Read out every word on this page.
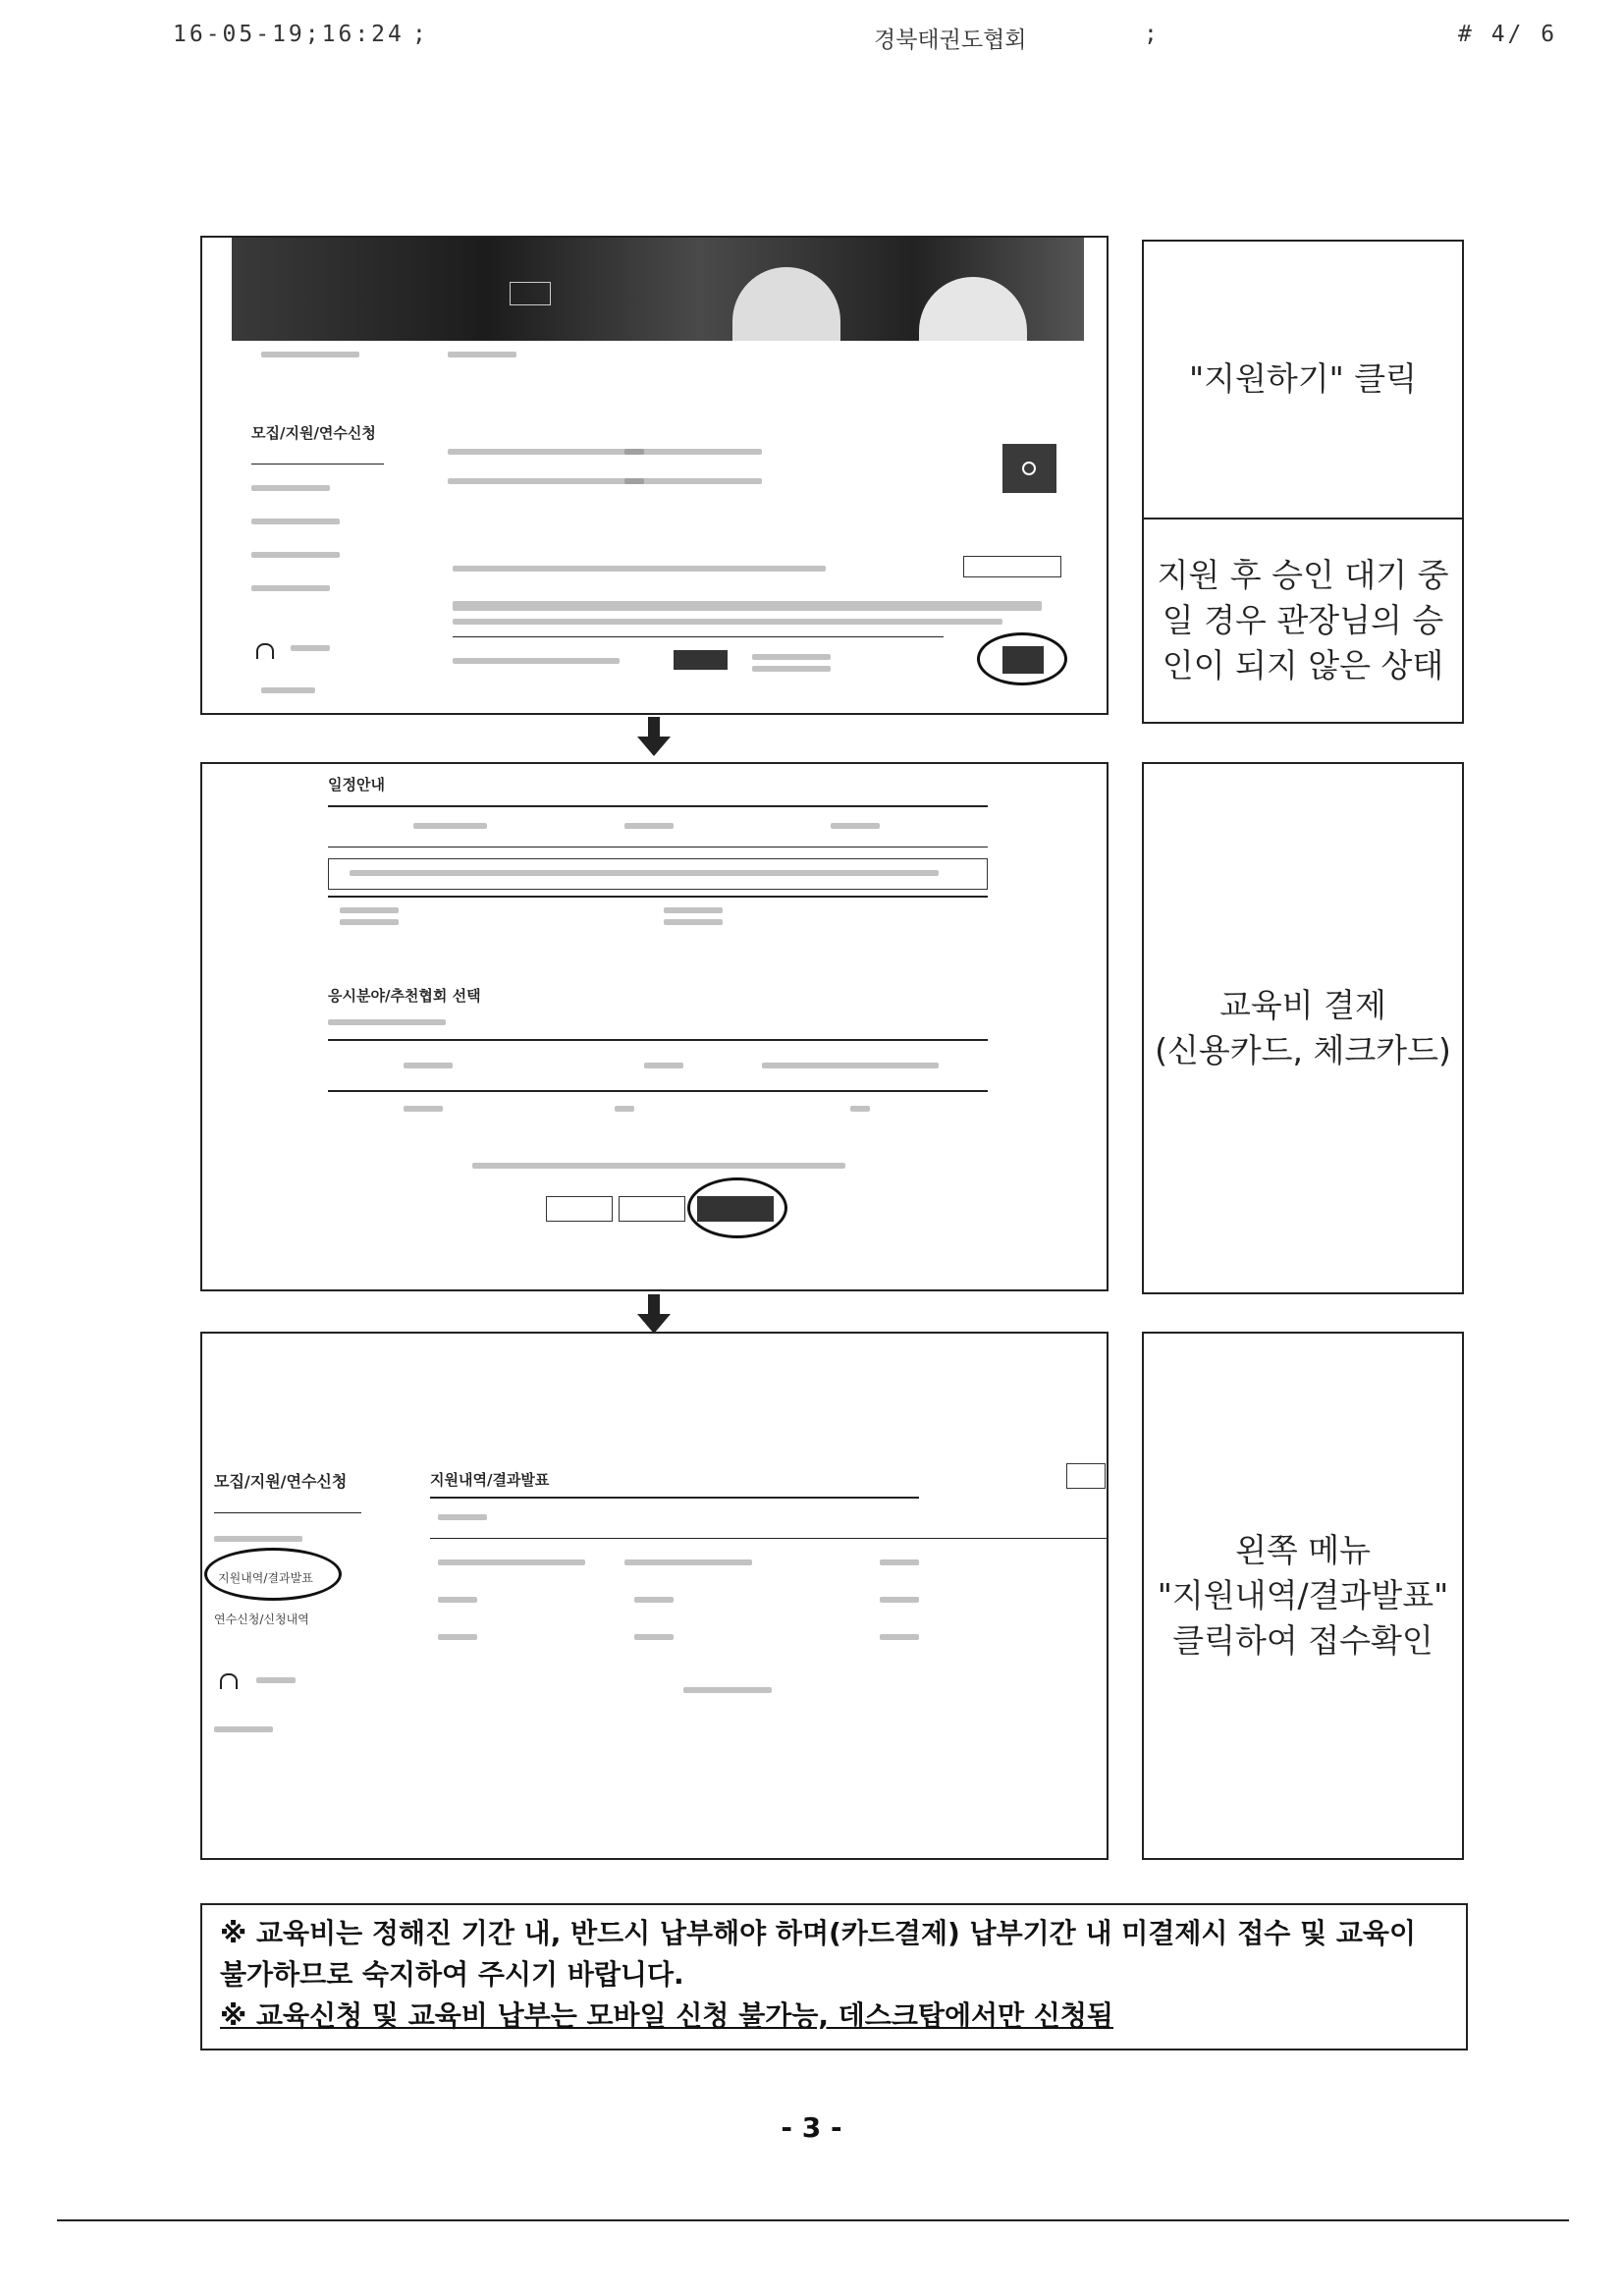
16-05-19;16:24 ;	경북태권도협회	;	# 4/ 6
모집/지원/연수신청
"지원하기" 클릭
지원 후 승인 대기 중일 경우 관장님의 승인이 되지 않은 상태
일정안내
응시분야/추천협회 선택	교육비 결제
(신용카드, 체크카드)
모집/지원/연수신청
지원내역/결과발표
연수신청/신청내역
지원내역/결과발표
왼쪽 메뉴
"지원내역/결과발표"
클릭하여 접수확인
※ 교육비는 정해진 기간 내, 반드시 납부해야 하며(카드결제) 납부기간 내 미결제시 접수 및 교육이 불가하므로 숙지하여 주시기 바랍니다.
※ 교육신청 및 교육비 납부는 모바일 신청 불가능, 데스크탑에서만 신청됨
- 3 -
